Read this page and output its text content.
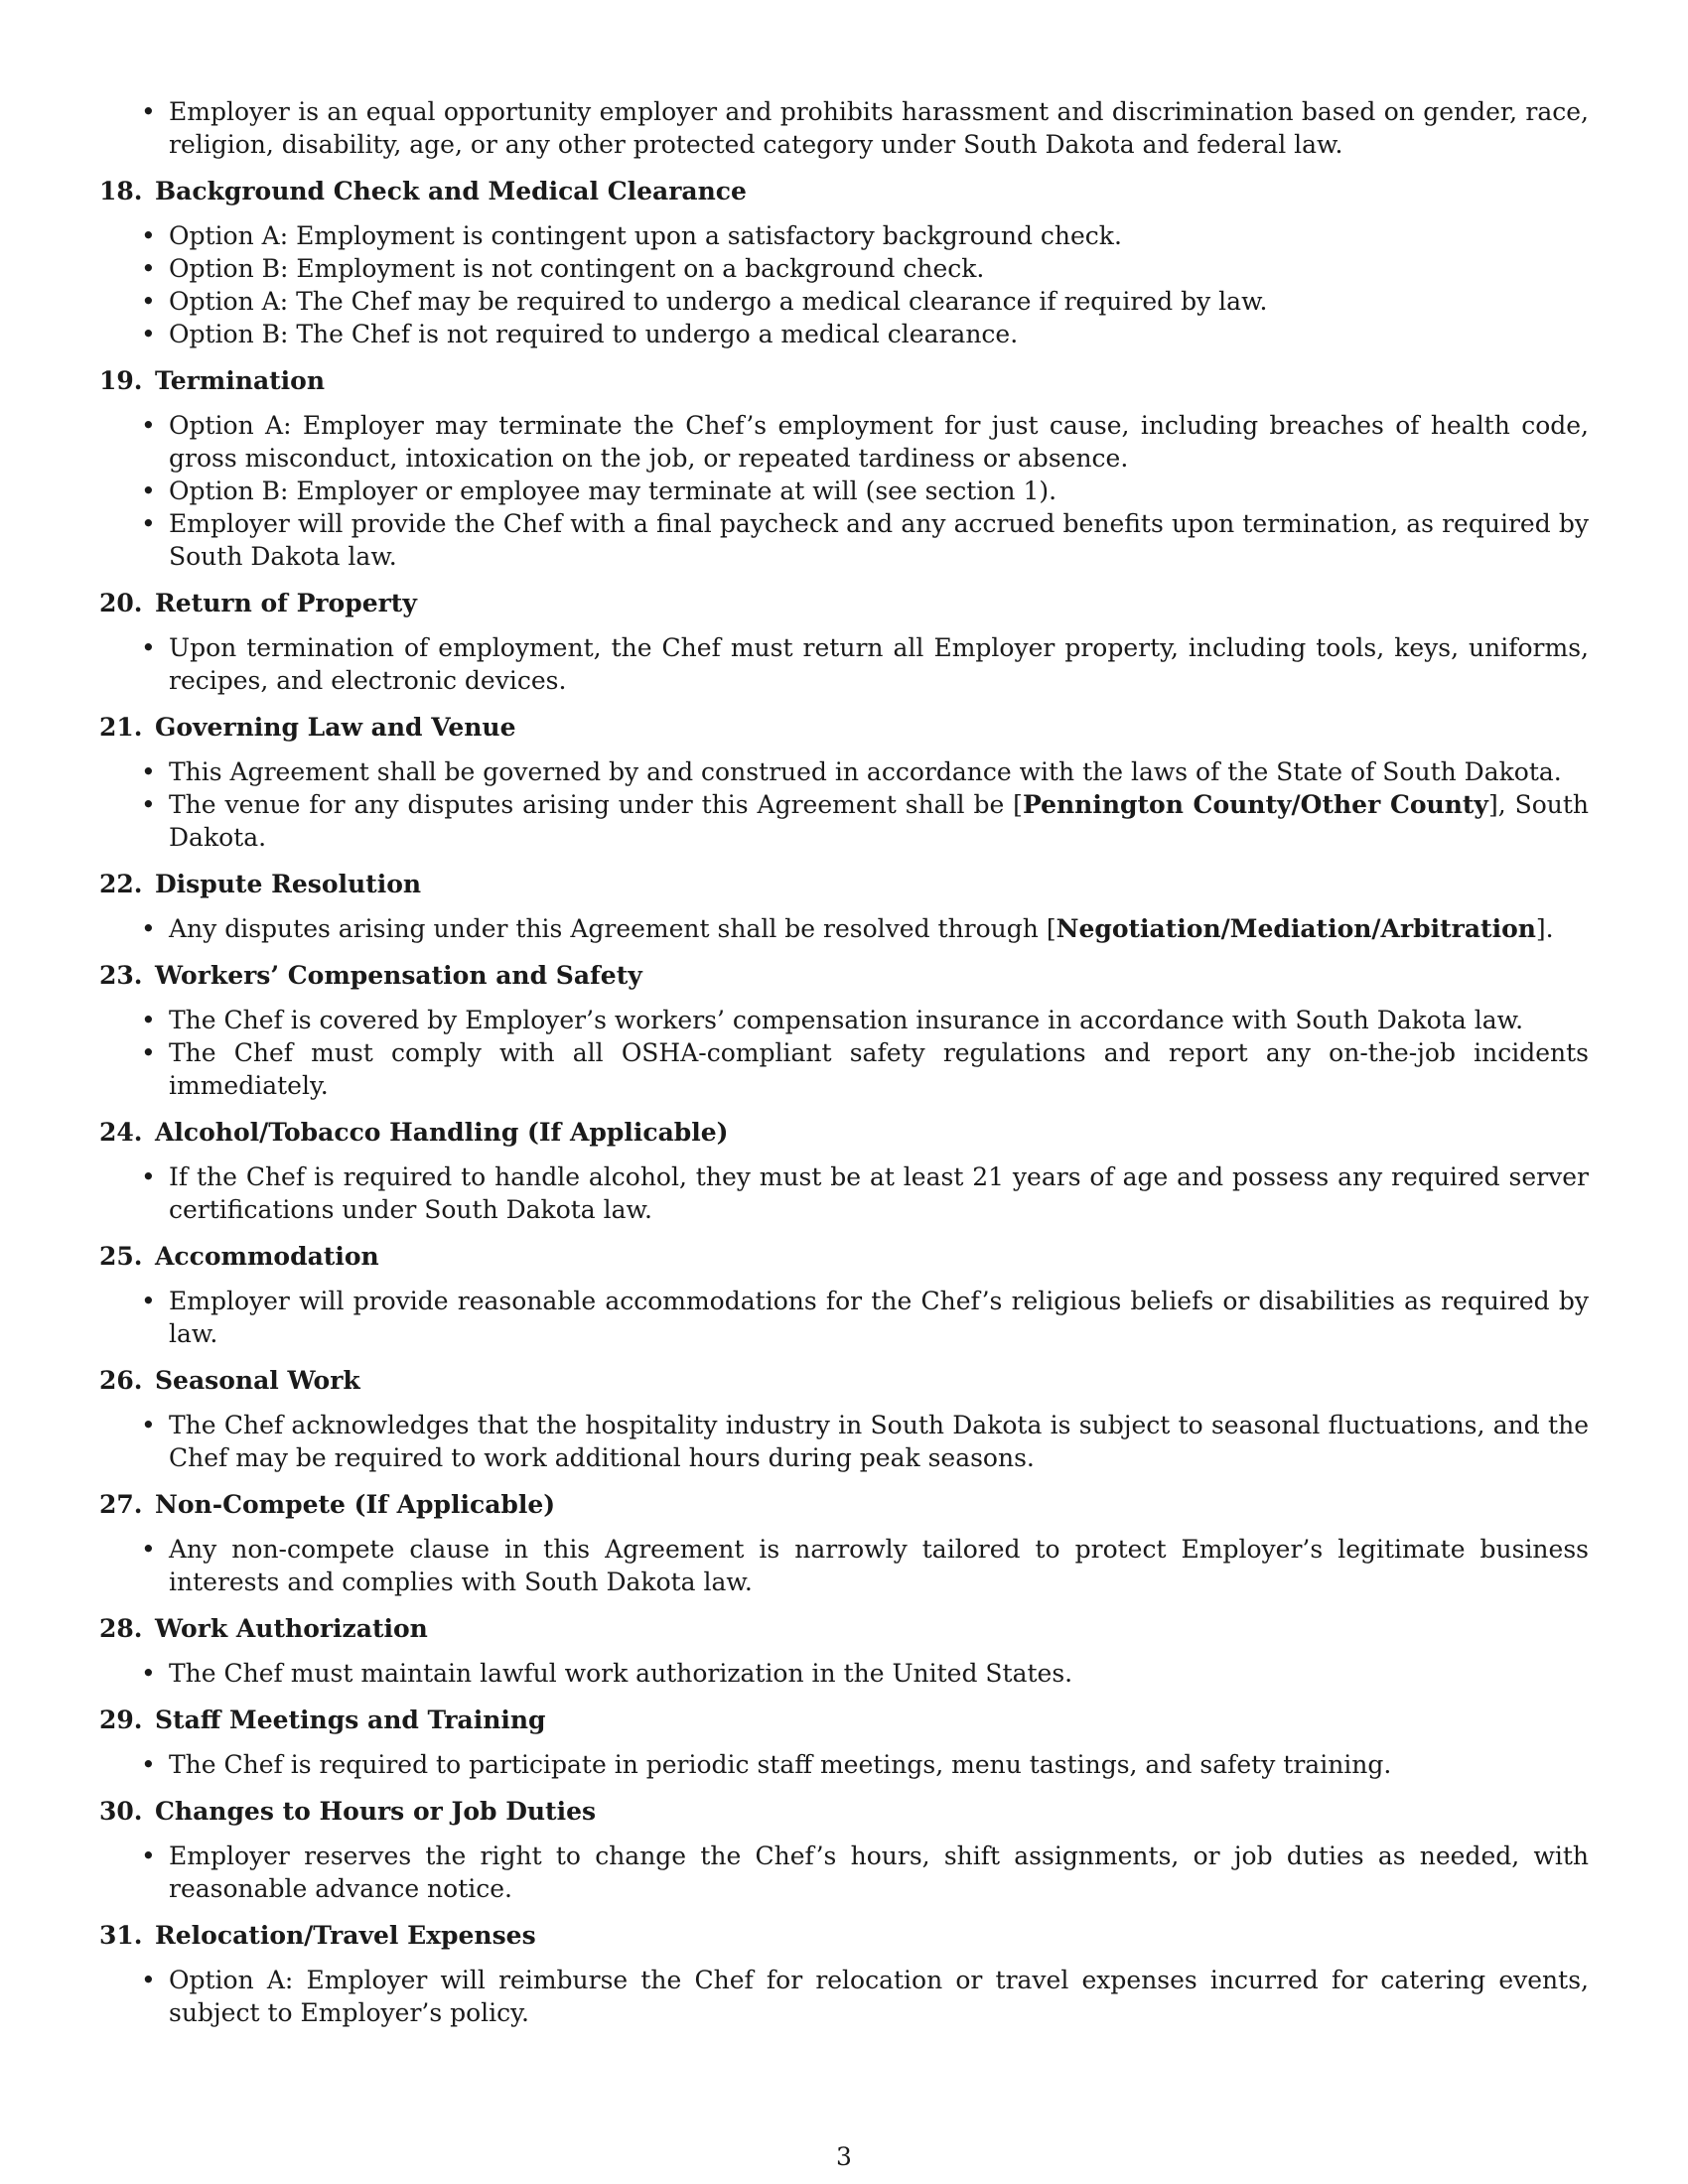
• Employer is an equal opportunity employer and prohibits harassment and discrimination based on gender, race, religion, disability, age, or any other protected category under South Dakota and federal law.
18. Background Check and Medical Clearance
• Option A: Employment is contingent upon a satisfactory background check.
• Option B: Employment is not contingent on a background check.
• Option A: The Chef may be required to undergo a medical clearance if required by law.
• Option B: The Chef is not required to undergo a medical clearance.
19. Termination
• Option A: Employer may terminate the Chef’s employment for just cause, including breaches of health code, gross misconduct, intoxication on the job, or repeated tardiness or absence.
• Option B: Employer or employee may terminate at will (see section 1).
• Employer will provide the Chef with a final paycheck and any accrued benefits upon termination, as required by South Dakota law.
20. Return of Property
• Upon termination of employment, the Chef must return all Employer property, including tools, keys, uniforms, recipes, and electronic devices.
21. Governing Law and Venue
• This Agreement shall be governed by and construed in accordance with the laws of the State of South Dakota.
• The venue for any disputes arising under this Agreement shall be [Pennington County/Other County], South Dakota.
22. Dispute Resolution
• Any disputes arising under this Agreement shall be resolved through [Negotiation/Mediation/Arbitration].
23. Workers’ Compensation and Safety
• The Chef is covered by Employer’s workers’ compensation insurance in accordance with South Dakota law.
• The Chef must comply with all OSHA-compliant safety regulations and report any on-the-job incidents immediately.
24. Alcohol/Tobacco Handling (If Applicable)
• If the Chef is required to handle alcohol, they must be at least 21 years of age and possess any required server certifications under South Dakota law.
25. Accommodation
• Employer will provide reasonable accommodations for the Chef’s religious beliefs or disabilities as required by law.
26. Seasonal Work
• The Chef acknowledges that the hospitality industry in South Dakota is subject to seasonal fluctuations, and the Chef may be required to work additional hours during peak seasons.
27. Non-Compete (If Applicable)
• Any non-compete clause in this Agreement is narrowly tailored to protect Employer’s legitimate business interests and complies with South Dakota law.
28. Work Authorization
• The Chef must maintain lawful work authorization in the United States.
29. Staff Meetings and Training
• The Chef is required to participate in periodic staff meetings, menu tastings, and safety training.
30. Changes to Hours or Job Duties
• Employer reserves the right to change the Chef’s hours, shift assignments, or job duties as needed, with reasonable advance notice.
31. Relocation/Travel Expenses
• Option A: Employer will reimburse the Chef for relocation or travel expenses incurred for catering events, subject to Employer’s policy.
3
